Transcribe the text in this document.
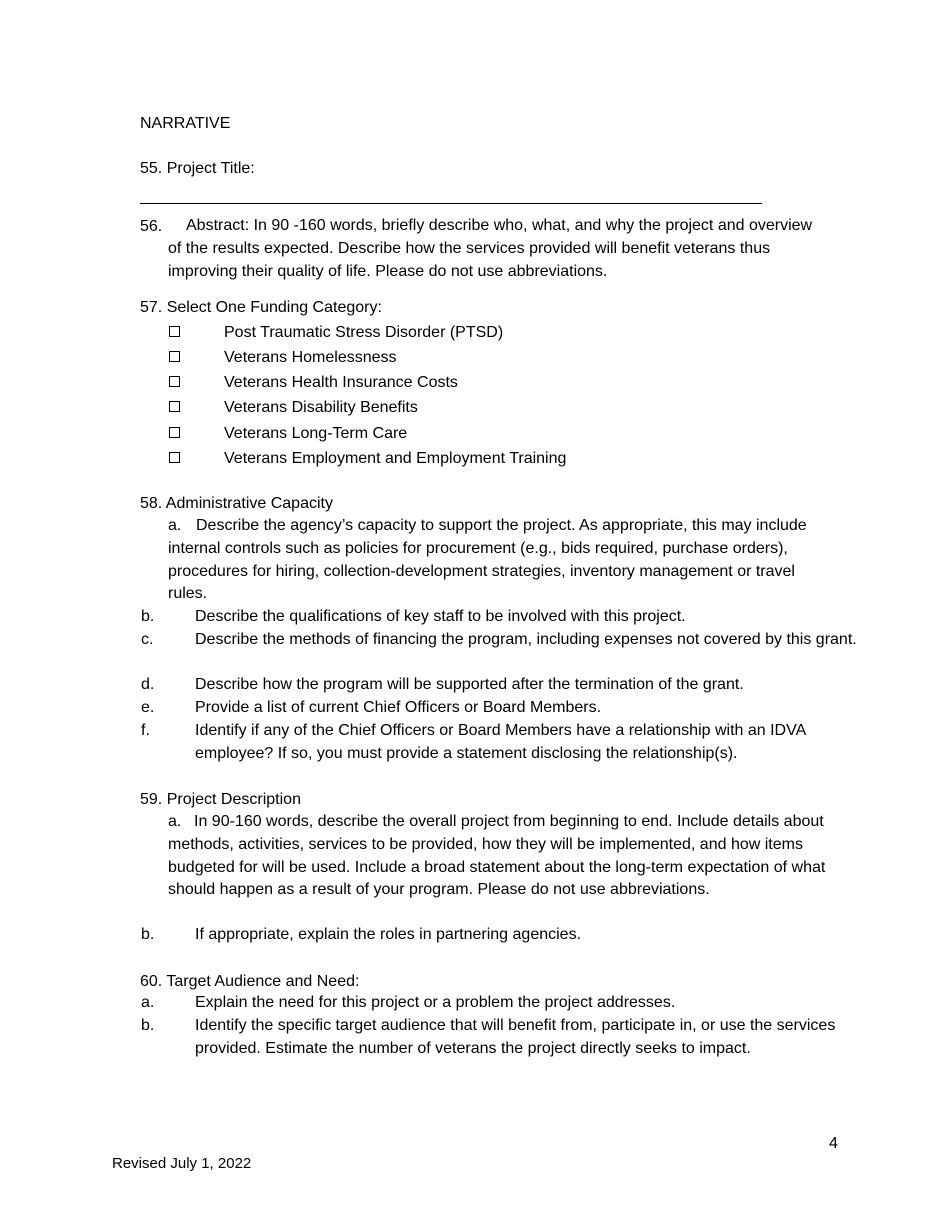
NARRATIVE
55. Project Title:
56.	Abstract: In 90 -160 words, briefly describe who, what, and why the project and overview of the results expected. Describe how the services provided will benefit veterans thus improving their quality of life. Please do not use abbreviations.
57. Select One Funding Category:
Post Traumatic Stress Disorder (PTSD)
Veterans Homelessness
Veterans Health Insurance Costs
Veterans Disability Benefits
Veterans Long-Term Care
Veterans Employment and Employment Training
58. Administrative Capacity
a. Describe the agency’s capacity to support the project. As appropriate, this may include internal controls such as policies for procurement (e.g., bids required, purchase orders), procedures for hiring, collection-development strategies, inventory management or travel rules.
b.	Describe the qualifications of key staff to be involved with this project.
c.	Describe the methods of financing the program, including expenses not covered by this grant.
d.	Describe how the program will be supported after the termination of the grant.
e.	Provide a list of current Chief Officers or Board Members.
f.	Identify if any of the Chief Officers or Board Members have a relationship with an IDVA employee? If so, you must provide a statement disclosing the relationship(s).
59. Project Description
a. In 90-160 words, describe the overall project from beginning to end. Include details about methods, activities, services to be provided, how they will be implemented, and how items budgeted for will be used. Include a broad statement about the long-term expectation of what should happen as a result of your program. Please do not use abbreviations.
b.	If appropriate, explain the roles in partnering agencies.
60. Target Audience and Need:
a.	Explain the need for this project or a problem the project addresses.
b.	Identify the specific target audience that will benefit from, participate in, or use the services provided. Estimate the number of veterans the project directly seeks to impact.
4
Revised July 1, 2022
